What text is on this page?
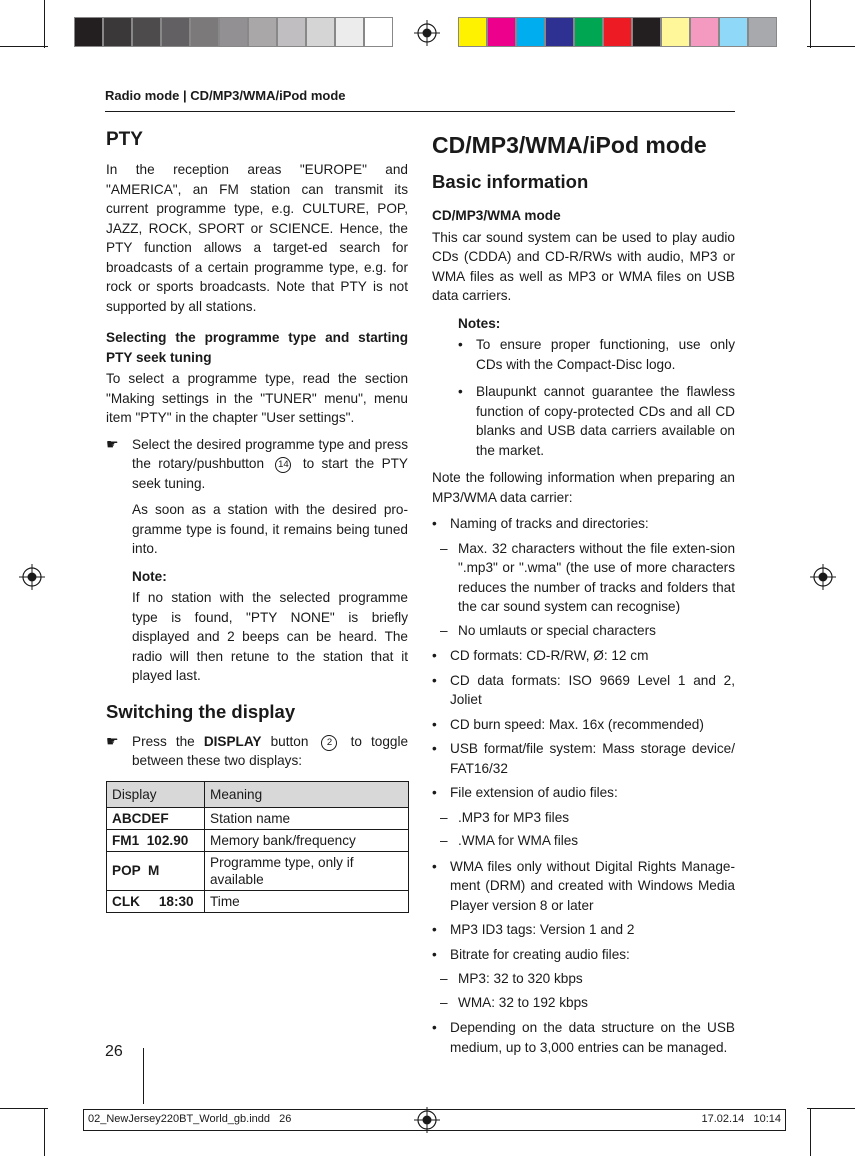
Radio mode | CD/MP3/WMA/iPod mode
PTY

In the reception areas "EUROPE" and "AMERICA", an FM station can transmit its current programme type, e.g. CULTURE, POP, JAZZ, ROCK, SPORT or SCIENCE. Hence, the PTY function allows a target-ed search for broadcasts of a certain programme type, e.g. for rock or sports broadcasts. Note that PTY is not supported by all stations.

Selecting the programme type and starting PTY seek tuning

To select a programme type, read the section "Making settings in the "TUNER" menu", menu item "PTY" in the chapter "User settings".

☛ Select the desired programme type and press the rotary/pushbutton 14 to start the PTY seek tuning.

As soon as a station with the desired pro-gramme type is found, it remains being tuned into.

Note:

If no station with the selected programme type is found, "PTY NONE" is briefly displayed and 2 beeps can be heard. The radio will then retune to the station that it played last.

Switching the display
☛ Press the DISPLAY button 2 to toggle between these two displays:
Display	Meaning
ABCDEF	Station name
FM1  102.90	Memory bank/frequency
POP  M	Programme type, only if available
CLK     18:30	Time
CD/MP3/WMA/iPod mode
Basic information
CD/MP3/WMA mode

This car sound system can be used to play audio CDs (CDDA) and CD-R/RWs with audio, MP3 or WMA files as well as MP3 or WMA files on USB data carriers.

Notes:
• To ensure proper functioning, use only CDs with the Compact-Disc logo.
• Blaupunkt cannot guarantee the flawless function of copy-protected CDs and all CD blanks and USB data carriers available on the market.

Note the following information when preparing an MP3/WMA data carrier:

• Naming of tracks and directories:
– Max. 32 characters without the file exten-sion ".mp3" or ".wma" (the use of more characters reduces the number of tracks and folders that the car sound system can recognise)
– No umlauts or special characters
• CD formats: CD-R/RW, Ø: 12 cm
• CD data formats: ISO 9669 Level 1 and 2, Joliet
• CD burn speed: Max. 16x (recommended)
• USB format/file system: Mass storage device/ FAT16/32
• File extension of audio files:
– .MP3 for MP3 files
– .WMA for WMA files
• WMA files only without Digital Rights Manage-ment (DRM) and created with Windows Media Player version 8 or later
• MP3 ID3 tags: Version 1 and 2
• Bitrate for creating audio files:
– MP3: 32 to 320 kbps
– WMA: 32 to 192 kbps
• Depending on the data structure on the USB medium, up to 3,000 entries can be managed.
26
02_NewJersey220BT_World_gb.indd   26	17.02.14   10:14
